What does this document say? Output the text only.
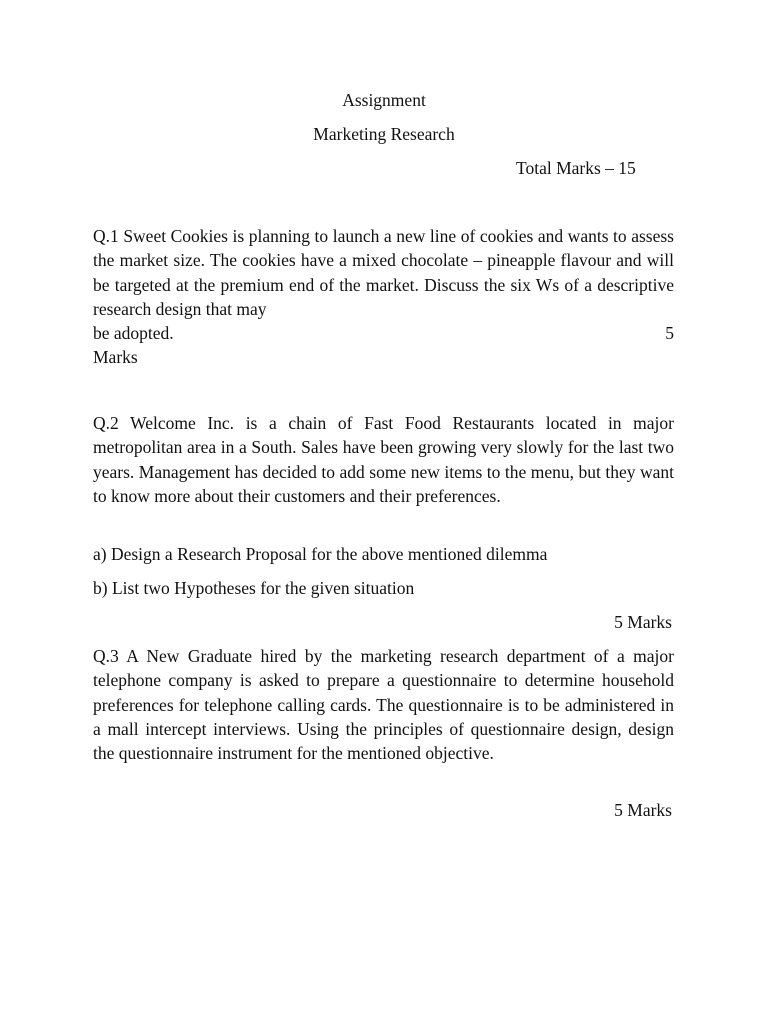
Assignment
Marketing Research
Total Marks – 15
Q.1 Sweet Cookies is planning to launch a new line of cookies and wants to assess the market size. The cookies have a mixed chocolate – pineapple flavour and will be targeted at the premium end of the market. Discuss the six Ws of a descriptive research design that may
be adopted.	5
Marks
Q.2 Welcome Inc. is a chain of Fast Food Restaurants located in major metropolitan area in a South. Sales have been growing very slowly for the last two years. Management has decided to add some new items to the menu, but they want to know more about their customers and their preferences.
a) Design a Research Proposal for the above mentioned dilemma
b) List two Hypotheses for the given situation
5 Marks
Q.3 A New Graduate hired by the marketing research department of a major telephone company is asked to prepare a questionnaire to determine household preferences for telephone calling cards. The questionnaire is to be administered in a mall intercept interviews. Using the principles of questionnaire design, design the questionnaire instrument for the mentioned objective.
5 Marks
